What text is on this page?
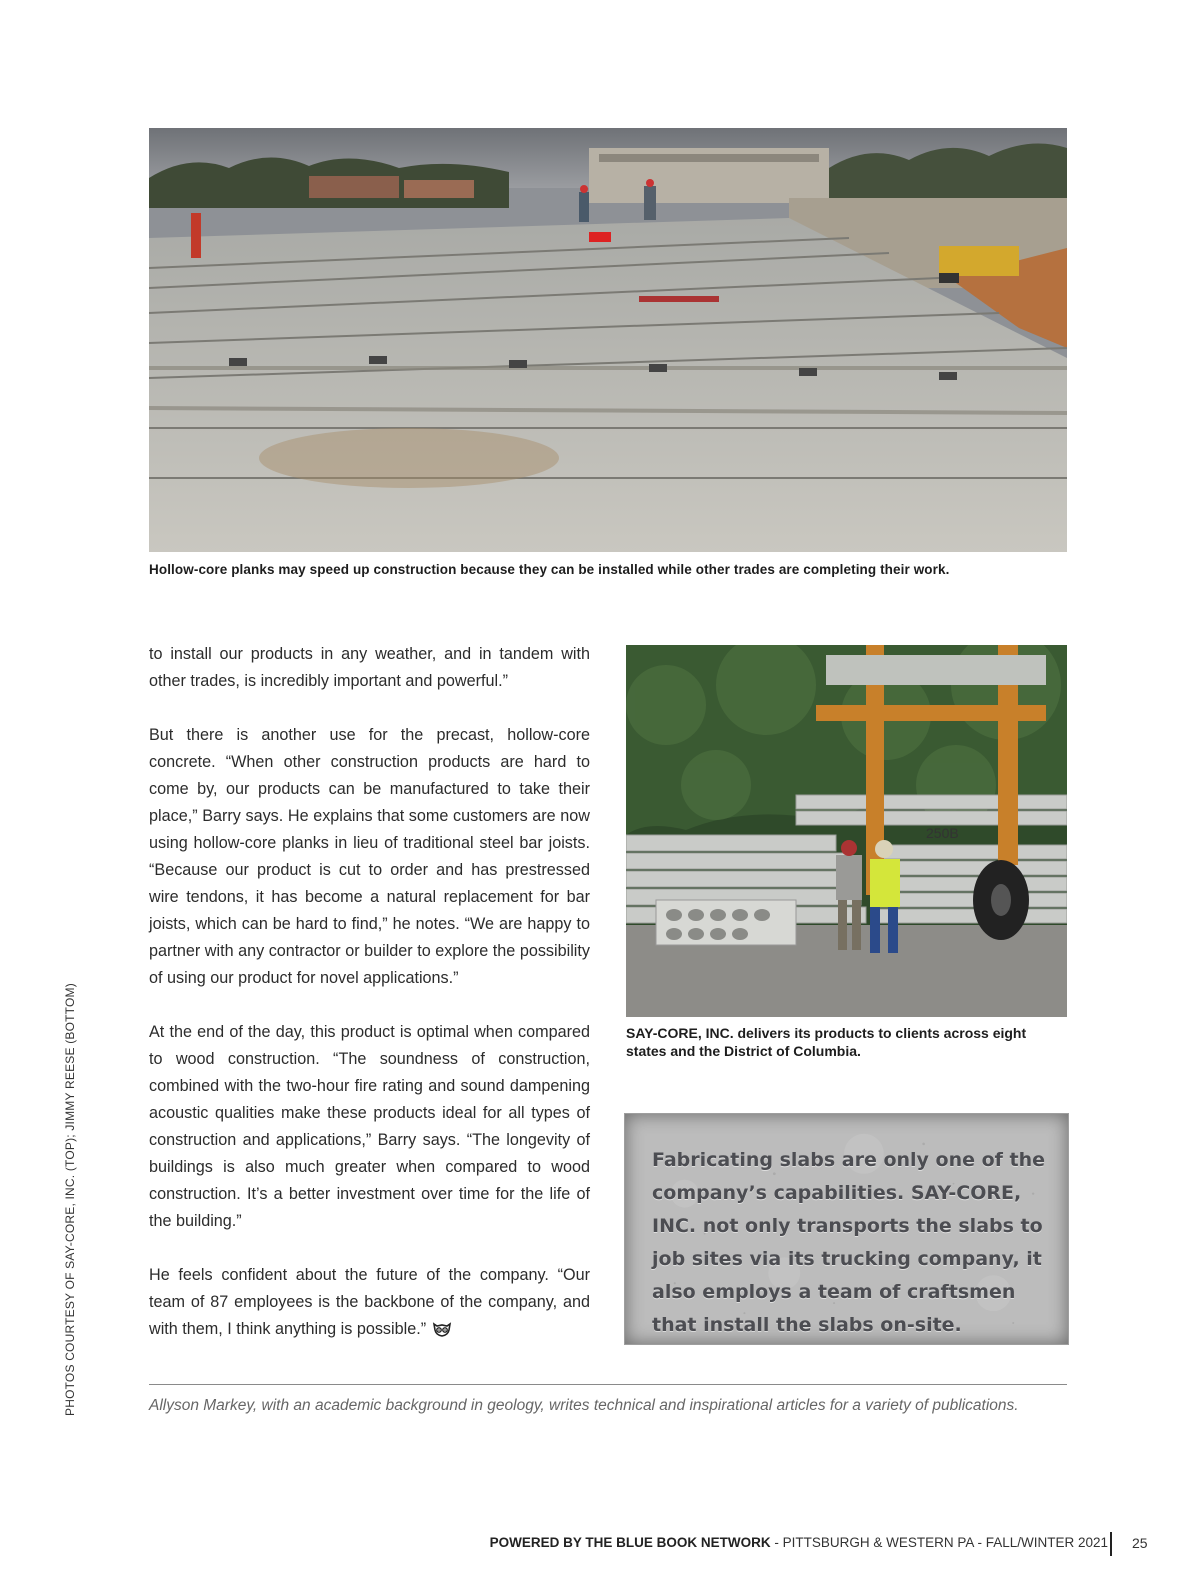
Hollow-core planks may speed up construction because they can be installed while other trades are completing their work.

to install our products in any weather, and in tandem with other trades, is incredibly important and powerful.”

But there is another use for the precast, hollow-core concrete. “When other construction products are hard to come by, our products can be manufactured to take their place,” Barry says. He explains that some customers are now using hollow-core planks in lieu of traditional steel bar joists. “Because our product is cut to order and has prestressed wire tendons, it has become a natural replacement for bar joists, which can be hard to find,” he notes. “We are happy to partner with any contractor or builder to explore the possibility of using our product for novel applications.”

At the end of the day, this product is optimal when compared to wood construction. “The soundness of construction, combined with the two-hour fire rating and sound dampening acoustic qualities make these products ideal for all types of construction and applications,” Barry says. “The longevity of buildings is also much greater when compared to wood construction. It’s a better investment over time for the life of the building.”

He feels confident about the future of the company. “Our team of 87 employees is the backbone of the company, and with them, I think anything is possible.”

250B
SAY-CORE, INC. delivers its products to clients across eight states and the District of Columbia.
Fabricating slabs are only one of the company’s capabilities. SAY-CORE, INC. not only transports the slabs to job sites via its trucking company, it also employs a team of craftsmen that install the slabs on-site.
PHOTOS COURTESY OF SAY-CORE, INC. (TOP); JIMMY REESE (BOTTOM)	Allyson Markey, with an academic background in geology, writes technical and inspirational articles for a variety of publications.
POWERED BY THE BLUE BOOK NETWORK - PITTSBURGH & WESTERN PA - FALL/WINTER 2021 25
